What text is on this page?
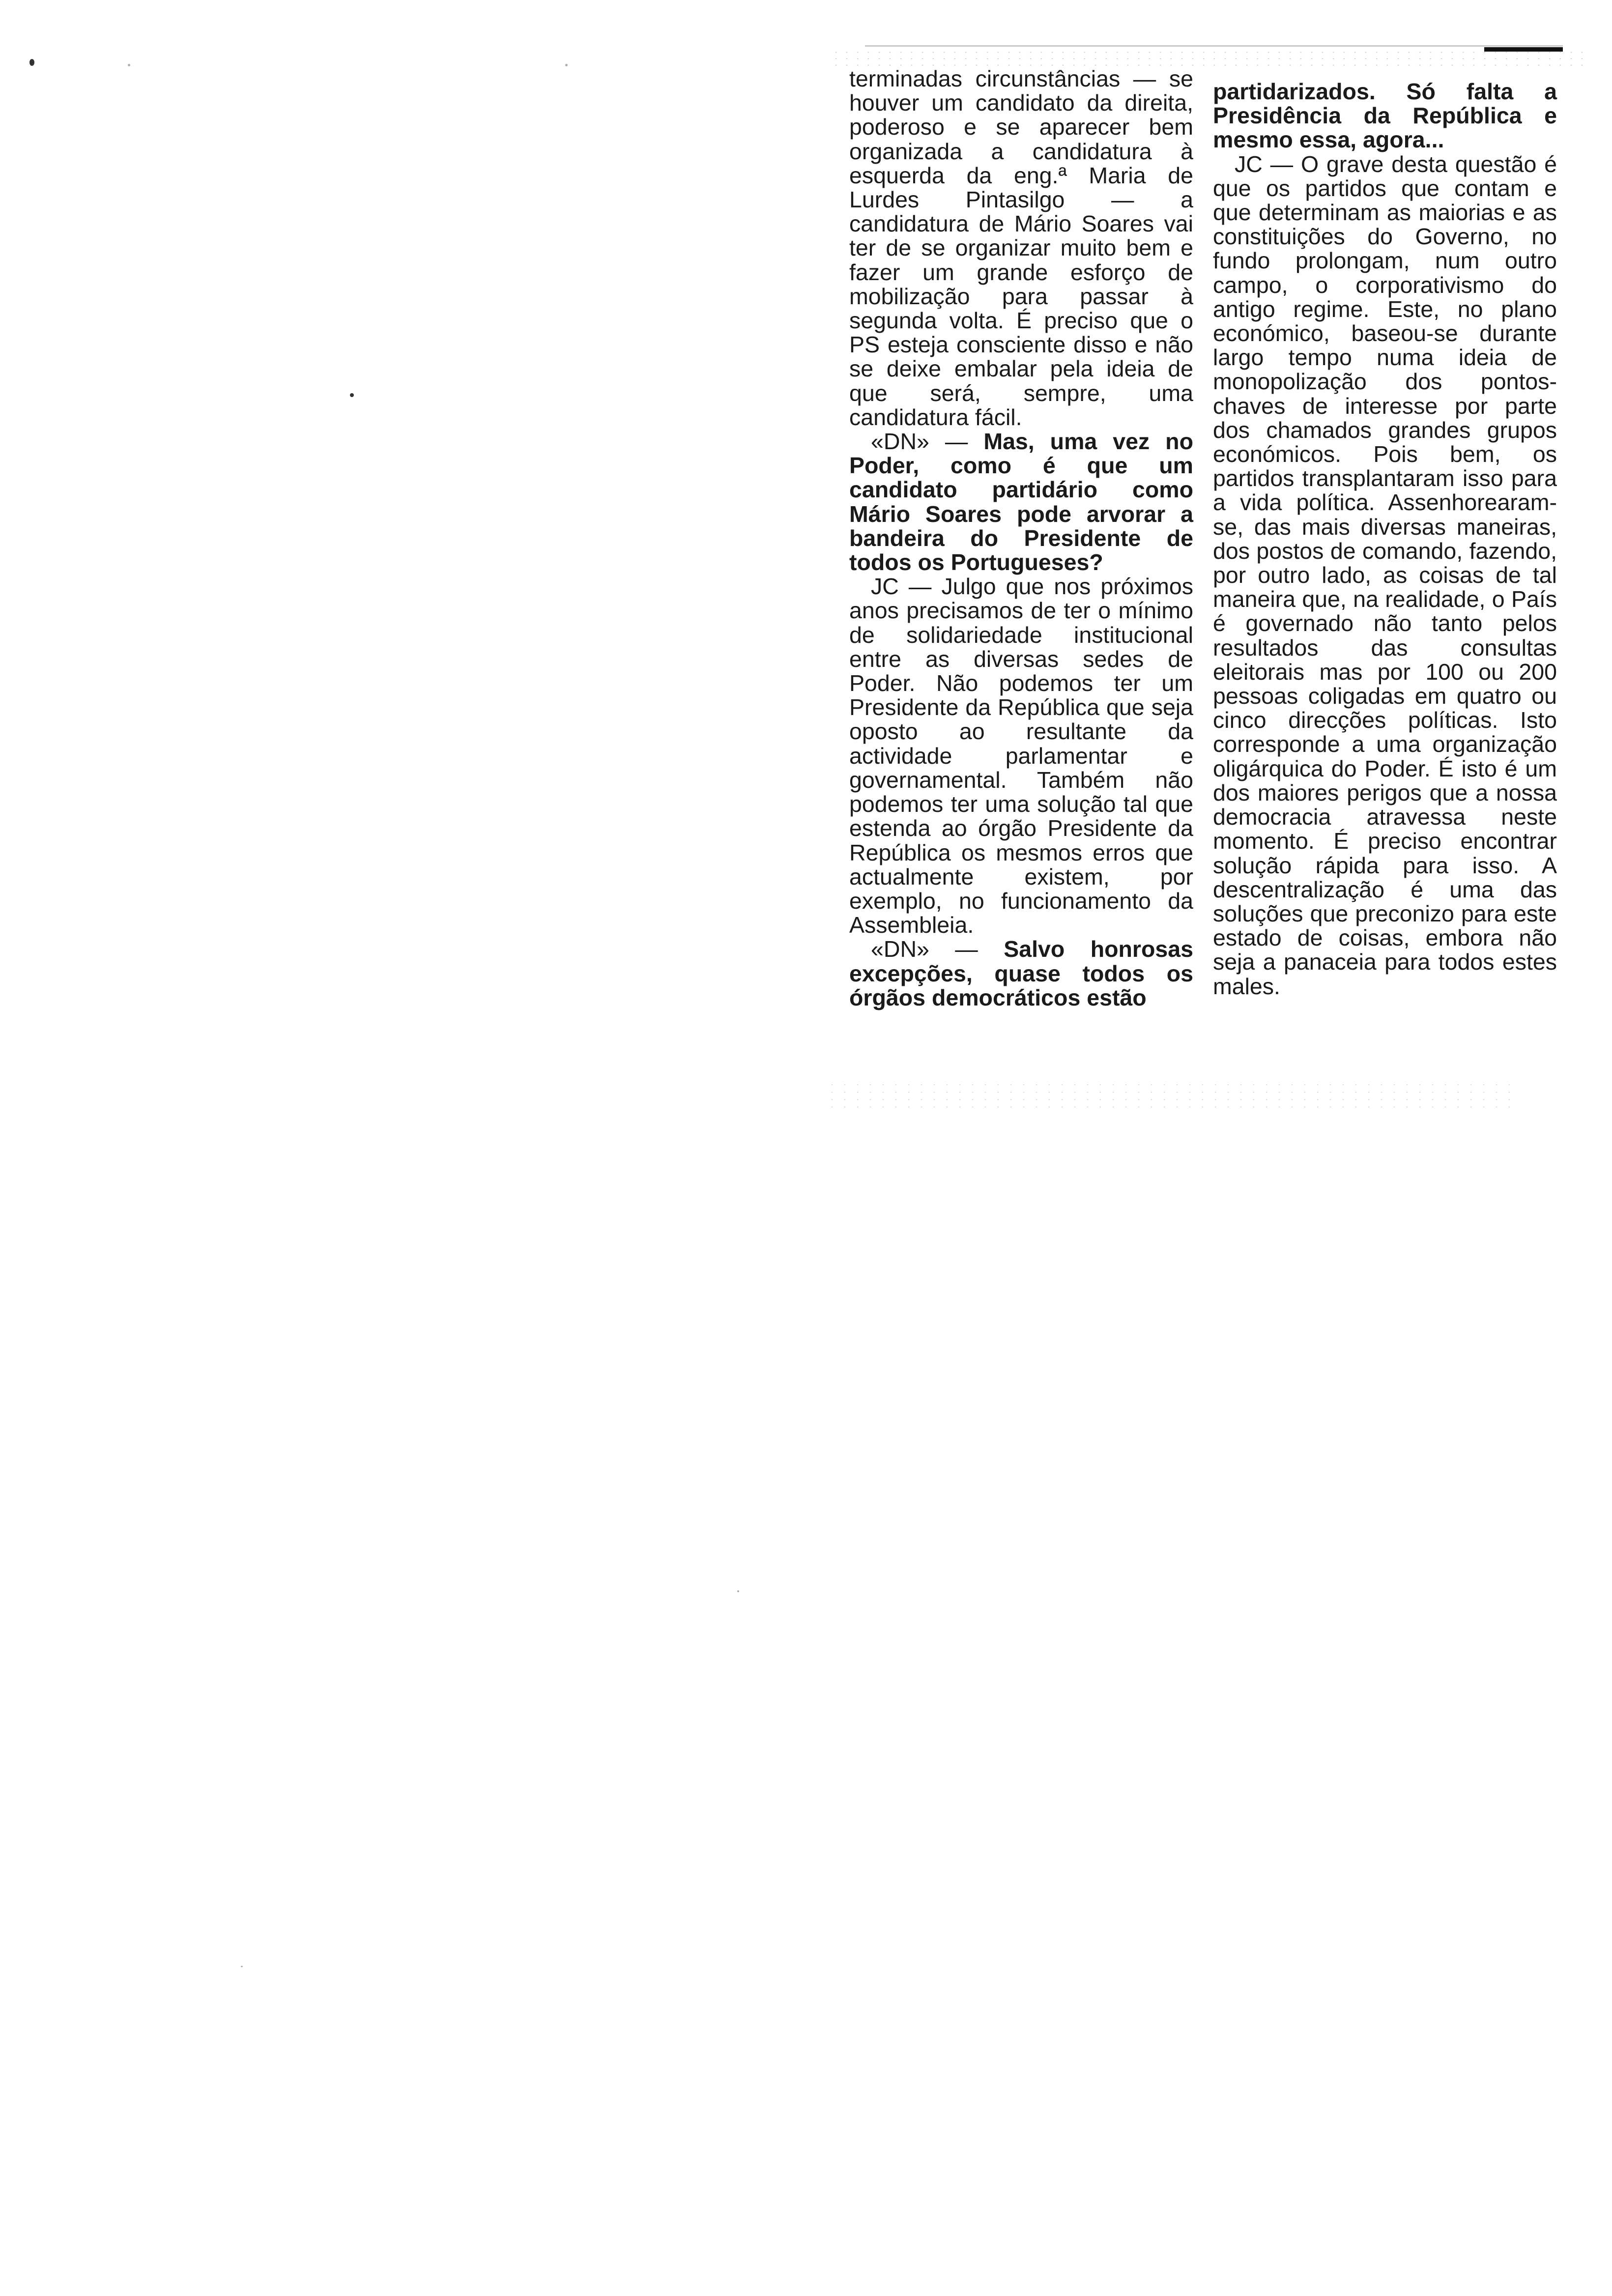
terminadas circunstâncias — se houver um candidato da direita, poderoso e se aparecer bem organizada a candidatura à esquerda da eng.ª Maria de Lurdes Pintasilgo — a candidatura de Mário Soares vai ter de se organizar muito bem e fazer um grande esforço de mobilização para passar à segunda volta. É preciso que o PS esteja consciente disso e não se deixe embalar pela ideia de que será, sempre, uma candidatura fácil.

«DN» — Mas, uma vez no Poder, como é que um candidato partidário como Mário Soares pode arvorar a bandeira do Presidente de todos os Portugueses?

JC — Julgo que nos próximos anos precisamos de ter o mínimo de solidariedade institucional entre as diversas sedes de Poder. Não podemos ter um Presidente da República que seja oposto ao resultante da actividade parlamentar e governamental. Também não podemos ter uma solução tal que estenda ao órgão Presidente da República os mesmos erros que actualmente existem, por exemplo, no funcionamento da Assembleia.

«DN» — Salvo honrosas excepções, quase todos os órgãos democráticos estão

partidarizados. Só falta a Presidência da República e mesmo essa, agora...

JC — O grave desta questão é que os partidos que contam e que determinam as maiorias e as constituições do Governo, no fundo prolongam, num outro campo, o corporativismo do antigo regime. Este, no plano económico, baseou-se durante largo tempo numa ideia de monopolização dos pontos-chaves de interesse por parte dos chamados grandes grupos económicos. Pois bem, os partidos transplantaram isso para a vida política. Assenhorearam-se, das mais diversas maneiras, dos postos de comando, fazendo, por outro lado, as coisas de tal maneira que, na realidade, o País é governado não tanto pelos resultados das consultas eleitorais mas por 100 ou 200 pessoas coligadas em quatro ou cinco direcções políticas. Isto corresponde a uma organização oligárquica do Poder. É isto é um dos maiores perigos que a nossa democracia atravessa neste momento. É preciso encontrar solução rápida para isso. A descentralização é uma das soluções que preconizo para este estado de coisas, embora não seja a panaceia para todos estes males.
